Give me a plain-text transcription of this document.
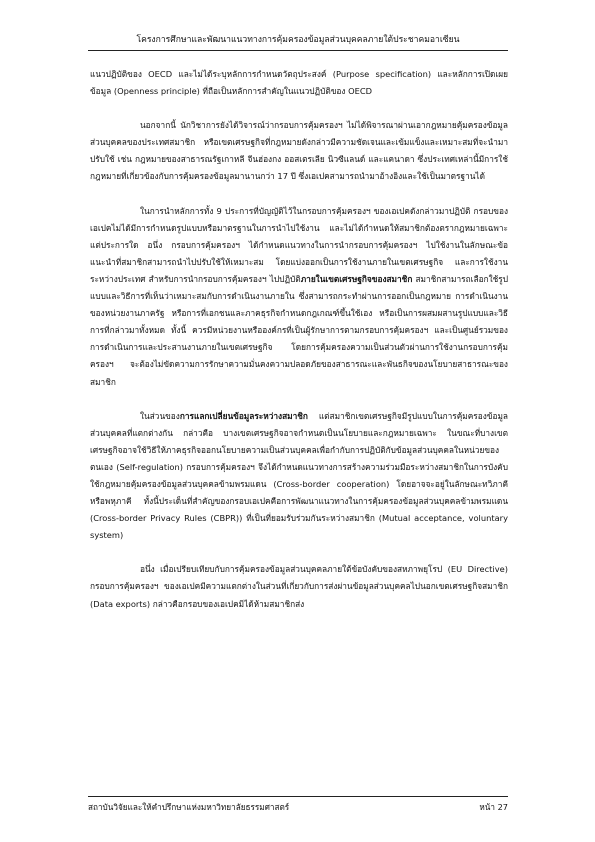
โครงการศึกษาและพัฒนาแนวทางการคุ้มครองข้อมูลส่วนบุคคลภายใต้ประชาคมอาเซียน

แนวปฏิบัติของ OECD และไม่ได้ระบุหลักการกำหนดวัตถุประสงค์ (Purpose specification) และหลักการเปิดเผยข้อมูล (Openness principle) ที่ถือเป็นหลักการสำคัญในแนวปฏิบัติของ OECD

นอกจากนี้ นักวิชาการยังได้วิจารณ์ว่ากรอบการคุ้มครองฯ ไม่ได้พิจารณาผ่านเอากฎหมายคุ้มครองข้อมูลส่วนบุคคลของประเทศสมาชิก หรือเขตเศรษฐกิจที่กฎหมายดังกล่าวมีความชัดเจนและเข้มแข็งและเหมาะสมที่จะนำมาปรับใช้ เช่น กฎหมายของสาธารณรัฐเกาหลี จีนฮ่องกง ออสเตรเลีย นิวซีแลนด์ และแคนาดา ซึ่งประเทศเหล่านี้มีการใช้กฎหมายที่เกี่ยวข้องกับการคุ้มครองข้อมูลมานานกว่า 17 ปี ซึ่งเอเปคสามารถนำมาอ้างอิงและใช้เป็นมาตรฐานได้

ในการนำหลักการทั้ง 9 ประการที่บัญญัติไว้ในกรอบการคุ้มครองฯ ของเอเปคดังกล่าวมาปฏิบัติ กรอบของเอเปคไม่ได้มีการกำหนดรูปแบบหรือมาตรฐานในการนำไปใช้งาน และไม่ได้กำหนดให้สมาชิกต้องตรากฎหมายเฉพาะแต่ประการใด อนึ่ง กรอบการคุ้มครองฯ ได้กำหนดแนวทางในการนำกรอบการคุ้มครองฯ ไปใช้งานในลักษณะข้อแนะนำที่สมาชิกสามารถนำไปปรับใช้ให้เหมาะสม โดยแบ่งออกเป็นการใช้งานภายในเขตเศรษฐกิจ และการใช้งานระหว่างประเทศ สำหรับการนำกรอบการคุ้มครองฯ ไปปฏิบัติภายในเขตเศรษฐกิจของสมาชิก สมาชิกสามารถเลือกใช้รูปแบบและวิธีการที่เห็นว่าเหมาะสมกับการดำเนินงานภายใน ซึ่งสามารถกระทำผ่านการออกเป็นกฎหมาย การดำเนินงานของหน่วยงานภาครัฐ หรือการที่เอกชนและภาคธุรกิจกำหนดกฎเกณฑ์ขึ้นใช้เอง หรือเป็นการผสมผสานรูปแบบและวิธีการที่กล่าวมาทั้งหมด ทั้งนี้ ควรมีหน่วยงานหรือองค์กรที่เป็นผู้รักษาการตามกรอบการคุ้มครองฯ และเป็นศูนย์รวมของการดำเนินการและประสานงานภายในเขตเศรษฐกิจ โดยการคุ้มครองความเป็นส่วนตัวผ่านการใช้งานกรอบการคุ้มครองฯ จะต้องไม่ขัดความการรักษาความมั่นคงความปลอดภัยของสาธารณะและพันธกิจของนโยบายสาธารณะของสมาชิก

ในส่วนของการแลกเปลี่ยนข้อมูลระหว่างสมาชิก แต่สมาชิกเขตเศรษฐกิจมีรูปแบบในการคุ้มครองข้อมูลส่วนบุคคลที่แตกต่างกัน กล่าวคือ บางเขตเศรษฐกิจอาจกำหนดเป็นนโยบายและกฎหมายเฉพาะ ในขณะที่บางเขตเศรษฐกิจอาจใช้วิธีให้ภาคธุรกิจออกนโยบายความเป็นส่วนบุคคลเพื่อกำกับการปฏิบัติกับข้อมูลส่วนบุคคลในหน่วยของตนเอง (Self-regulation) กรอบการคุ้มครองฯ จึงได้กำหนดแนวทางการสร้างความร่วมมือระหว่างสมาชิกในการบังคับใช้กฎหมายคุ้มครองข้อมูลส่วนบุคคลข้ามพรมแดน (Cross-border cooperation) โดยอาจจะอยู่ในลักษณะทวิภาคี หรือพหุภาคี ทั้งนี้ประเด็นที่สำคัญของกรอบเอเปคคือการพัฒนาแนวทางในการคุ้มครองข้อมูลส่วนบุคคลข้ามพรมแดน (Cross-border Privacy Rules (CBPR)) ที่เป็นที่ยอมรับร่วมกันระหว่างสมาชิก (Mutual acceptance, voluntary system)

อนึ่ง เมื่อเปรียบเทียบกับการคุ้มครองข้อมูลส่วนบุคคลภายใต้ข้อบังคับของสหภาพยุโรป (EU Directive) กรอบการคุ้มครองฯ ของเอเปคมีความแตกต่างในส่วนที่เกี่ยวกับการส่งผ่านข้อมูลส่วนบุคคลไปนอกเขตเศรษฐกิจสมาชิก (Data exports) กล่าวคือกรอบของเอเปคมิได้ห้ามสมาชิกส่ง

สถาบันวิจัยและให้คำปรึกษาแห่งมหาวิทยาลัยธรรมศาสตร์	หน้า 27
